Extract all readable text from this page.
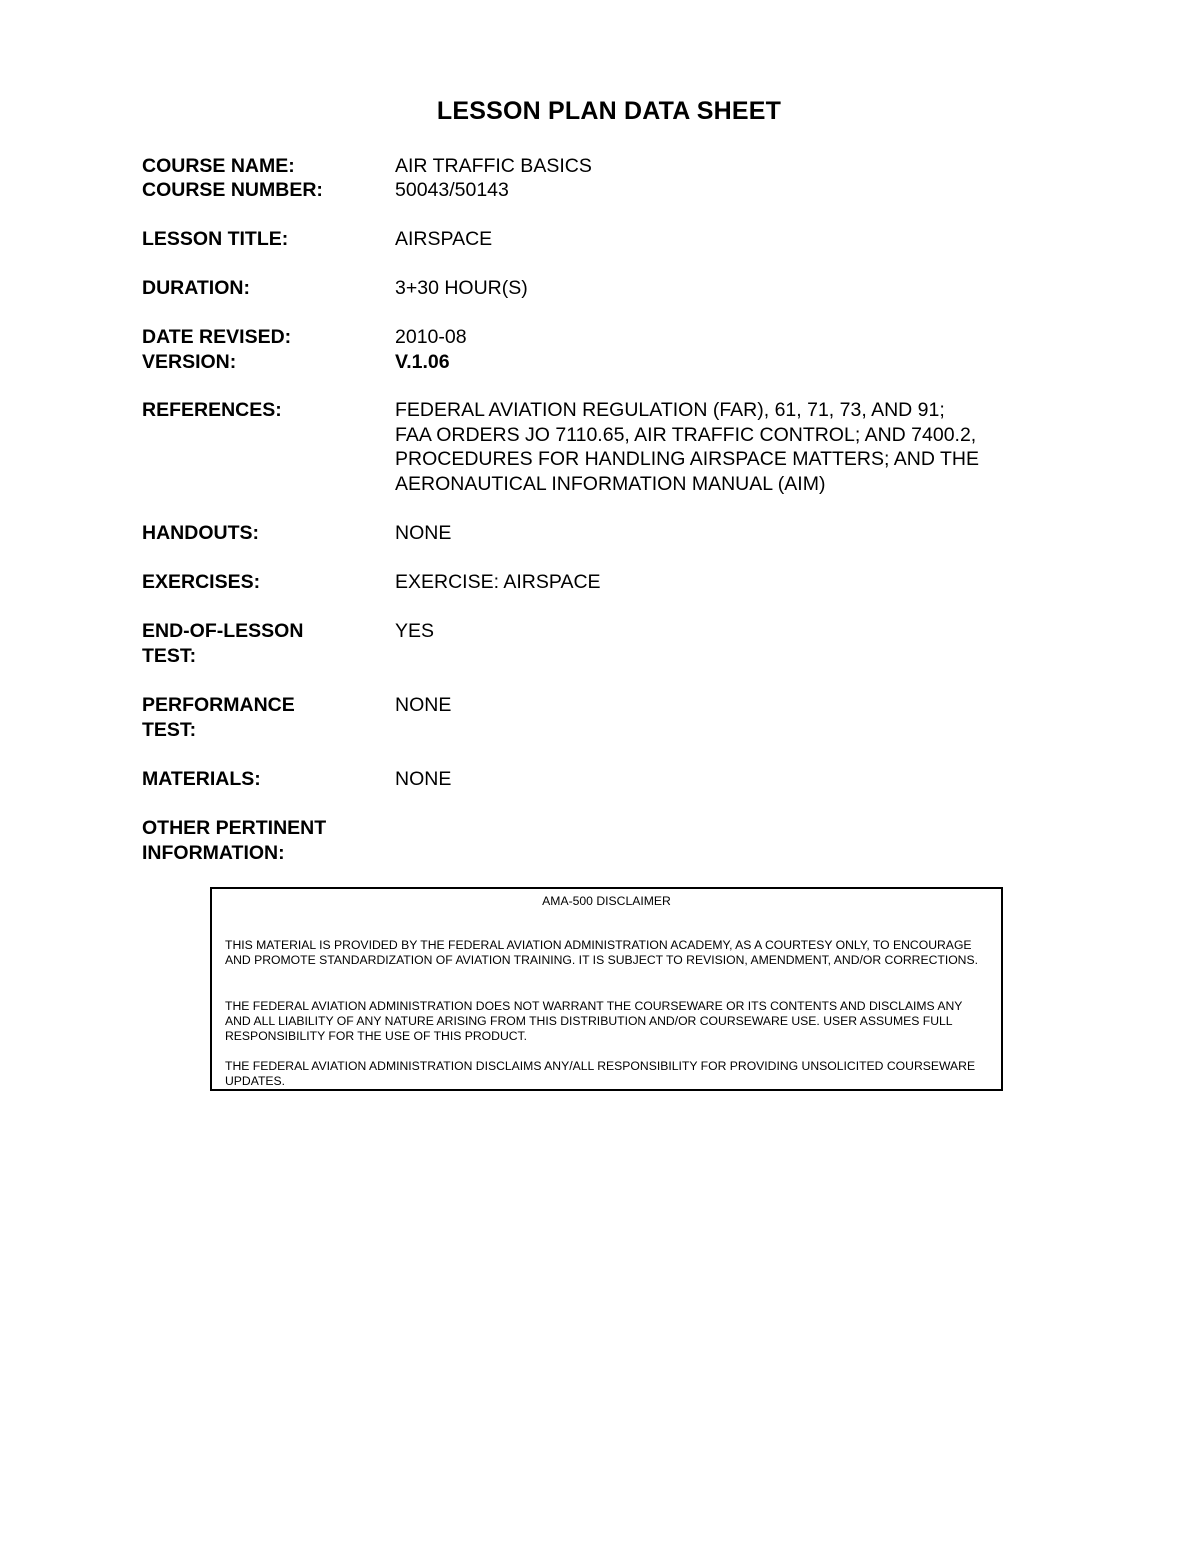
LESSON PLAN DATA SHEET
COURSE NAME:	AIR TRAFFIC BASICS
COURSE NUMBER:	50043/50143
LESSON TITLE:	AIRSPACE
DURATION:	3+30 HOUR(S)
DATE REVISED:	2010-08
VERSION:	V.1.06
REFERENCES:	FEDERAL AVIATION REGULATION (FAR), 61, 71, 73, AND 91;
FAA ORDERS JO 7110.65, AIR TRAFFIC CONTROL; AND 7400.2,
PROCEDURES FOR HANDLING AIRSPACE MATTERS; AND THE
AERONAUTICAL INFORMATION MANUAL (AIM)
HANDOUTS:	NONE
EXERCISES:	EXERCISE: AIRSPACE
END-OF-LESSON
TEST:
YES
PERFORMANCE
TEST:
NONE
MATERIALS:	NONE
OTHER PERTINENT
INFORMATION:
AMA-500 DISCLAIMER
THIS MATERIAL IS PROVIDED BY THE FEDERAL AVIATION ADMINISTRATION ACADEMY, AS A COURTESY ONLY, TO ENCOURAGE AND PROMOTE STANDARDIZATION OF AVIATION TRAINING. IT IS SUBJECT TO REVISION, AMENDMENT, AND/OR CORRECTIONS.
THE FEDERAL AVIATION ADMINISTRATION DOES NOT WARRANT THE COURSEWARE OR ITS CONTENTS AND DISCLAIMS ANY AND ALL LIABILITY OF ANY NATURE ARISING FROM THIS DISTRIBUTION AND/OR COURSEWARE USE. USER ASSUMES FULL RESPONSIBILITY FOR THE USE OF THIS PRODUCT.
THE FEDERAL AVIATION ADMINISTRATION DISCLAIMS ANY/ALL RESPONSIBILITY FOR PROVIDING UNSOLICITED COURSEWARE UPDATES.
